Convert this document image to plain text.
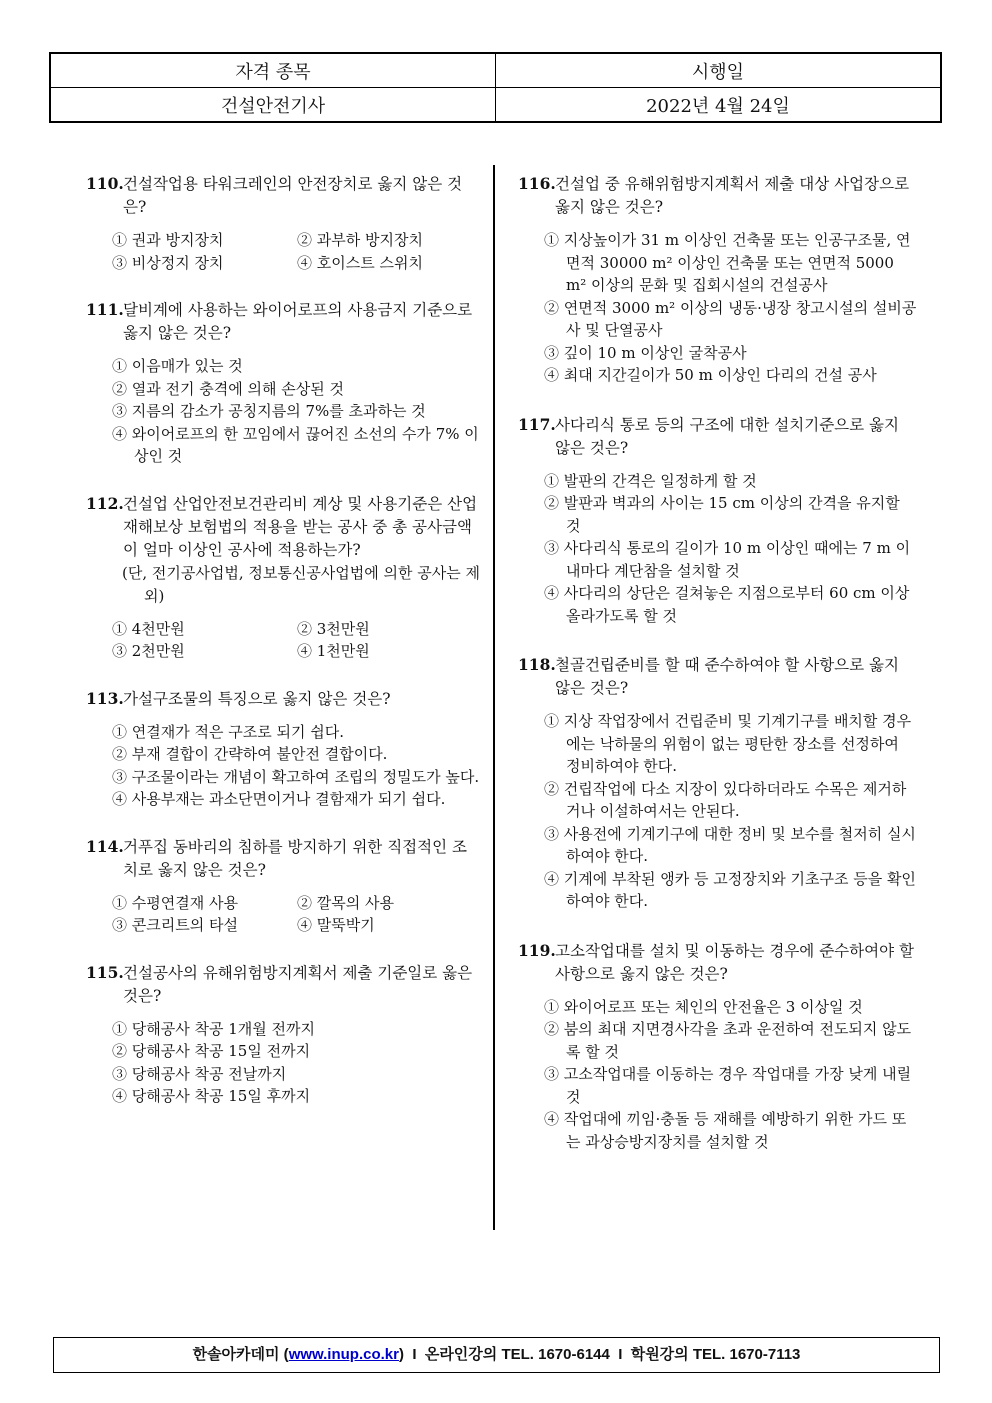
자격 종목	시행일
건설안전기사	2022년 4월 24일
110.건설작업용 타워크레인의 안전장치로 옳지 않은 것은?
① 권과 방지장치	② 과부하 방지장치
③ 비상정지 장치	④ 호이스트 스위치
111.달비계에 사용하는 와이어로프의 사용금지 기준으로 옳지 않은 것은?
① 이음매가 있는 것
② 열과 전기 충격에 의해 손상된 것
③ 지름의 감소가 공칭지름의 7%를 초과하는 것
④ 와이어로프의 한 꼬임에서 끊어진 소선의 수가 7% 이상인 것
112.건설업 산업안전보건관리비 계상 및 사용기준은 산업재해보상 보험법의 적용을 받는 공사 중 총 공사금액이 얼마 이상인 공사에 적용하는가?
(단, 전기공사업법, 정보통신공사업법에 의한 공사는 제외)
① 4천만원	② 3천만원
③ 2천만원	④ 1천만원
113.가설구조물의 특징으로 옳지 않은 것은?
① 연결재가 적은 구조로 되기 쉽다.
② 부재 결합이 간략하여 불안전 결합이다.
③ 구조물이라는 개념이 확고하여 조립의 정밀도가 높다.
④ 사용부재는 과소단면이거나 결함재가 되기 쉽다.
114.거푸집 동바리의 침하를 방지하기 위한 직접적인 조치로 옳지 않은 것은?
① 수평연결재 사용	② 깔목의 사용
③ 콘크리트의 타설	④ 말뚝박기
115.건설공사의 유해위험방지계획서 제출 기준일로 옳은 것은?
① 당해공사 착공 1개월 전까지
② 당해공사 착공 15일 전까지
③ 당해공사 착공 전날까지
④ 당해공사 착공 15일 후까지
116.건설업 중 유해위험방지계획서 제출 대상 사업장으로 옳지 않은 것은?
① 지상높이가 31 m 이상인 건축물 또는 인공구조물, 연면적 30000 m² 이상인 건축물 또는 연면적 5000 m² 이상의 문화 및 집회시설의 건설공사
② 연면적 3000 m² 이상의 냉동·냉장 창고시설의 설비공사 및 단열공사
③ 깊이 10 m 이상인 굴착공사
④ 최대 지간길이가 50 m 이상인 다리의 건설 공사
117.사다리식 통로 등의 구조에 대한 설치기준으로 옳지 않은 것은?
① 발판의 간격은 일정하게 할 것
② 발판과 벽과의 사이는 15 cm 이상의 간격을 유지할 것
③ 사다리식 통로의 길이가 10 m 이상인 때에는 7 m 이내마다 계단참을 설치할 것
④ 사다리의 상단은 걸쳐놓은 지점으로부터 60 cm 이상 올라가도록 할 것
118.철골건립준비를 할 때 준수하여야 할 사항으로 옳지 않은 것은?
① 지상 작업장에서 건립준비 및 기계기구를 배치할 경우에는 낙하물의 위험이 없는 평탄한 장소를 선정하여 정비하여야 한다.
② 건립작업에 다소 지장이 있다하더라도 수목은 제거하거나 이설하여서는 안된다.
③ 사용전에 기계기구에 대한 정비 및 보수를 철저히 실시하여야 한다.
④ 기계에 부착된 앵카 등 고정장치와 기초구조 등을 확인하여야 한다.
119.고소작업대를 설치 및 이동하는 경우에 준수하여야 할 사항으로 옳지 않은 것은?
① 와이어로프 또는 체인의 안전율은 3 이상일 것
② 붐의 최대 지면경사각을 초과 운전하여 전도되지 않도록 할 것
③ 고소작업대를 이동하는 경우 작업대를 가장 낮게 내릴 것
④ 작업대에 끼임·충돌 등 재해를 예방하기 위한 가드 또는 과상승방지장치를 설치할 것
한솔아카데미 (www.inup.co.kr)  I  온라인강의 TEL. 1670-6144  I  학원강의 TEL. 1670-7113
